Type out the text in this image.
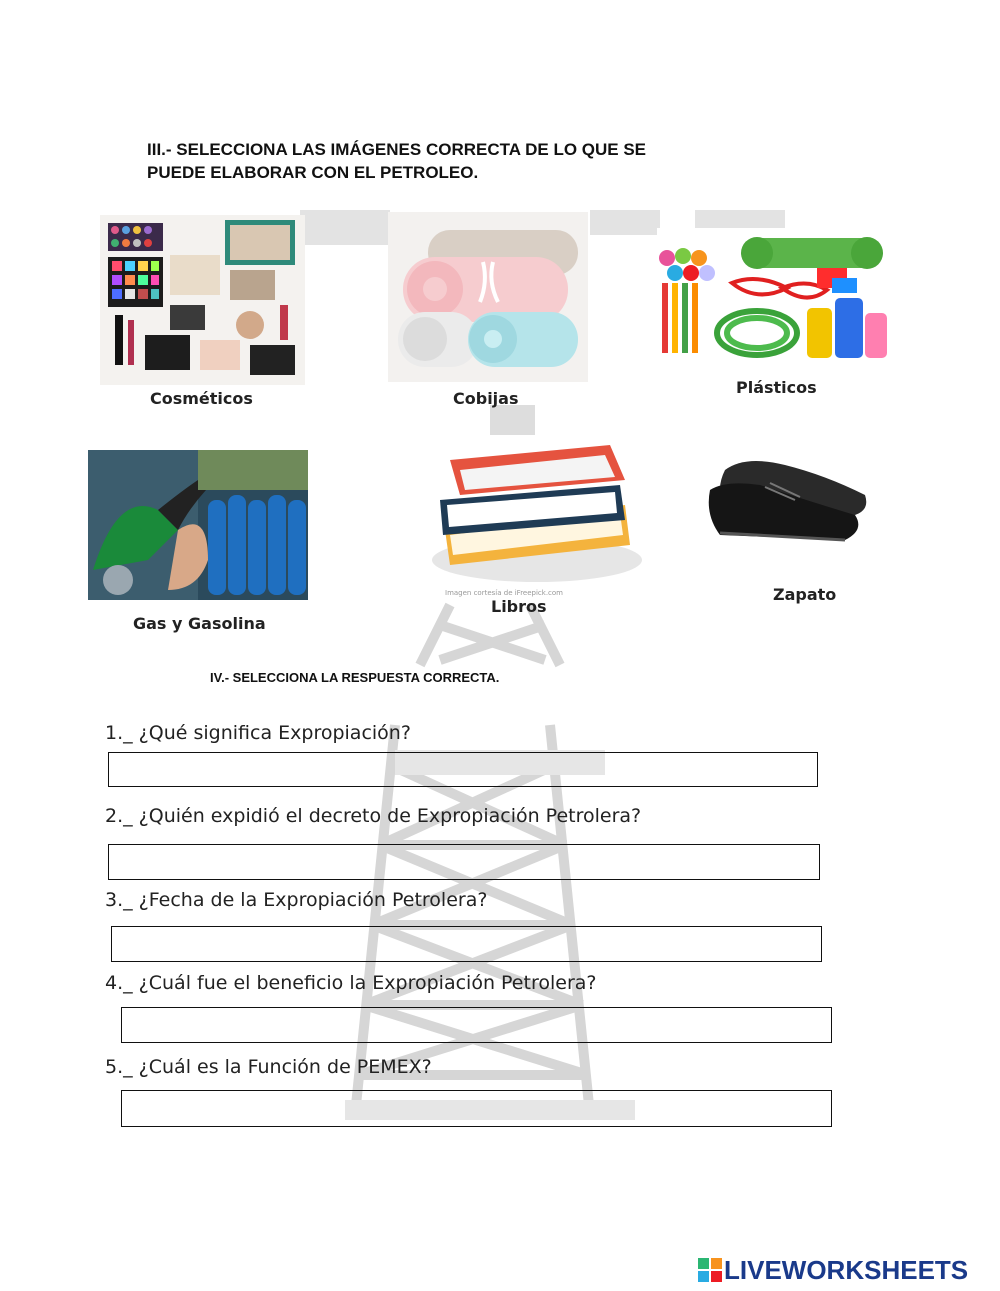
III.- SELECCIONA LAS IMÁGENES CORRECTA DE LO QUE SE
PUEDE ELABORAR CON EL PETROLEO.
Cosméticos	Cobijas
Plásticos
Gas y Gasolina
Imagen cortesía de iFreepick.com
Libros
Zapato
IV.- SELECCIONA LA RESPUESTA CORRECTA.
1._ ¿Qué significa Expropiación?
2._ ¿Quién expidió el decreto de Expropiación Petrolera?
3._ ¿Fecha de la Expropiación Petrolera?
4._ ¿Cuál fue el beneficio la Expropiación Petrolera?
5._ ¿Cuál es la Función de PEMEX?
LIVEWORKSHEETS
